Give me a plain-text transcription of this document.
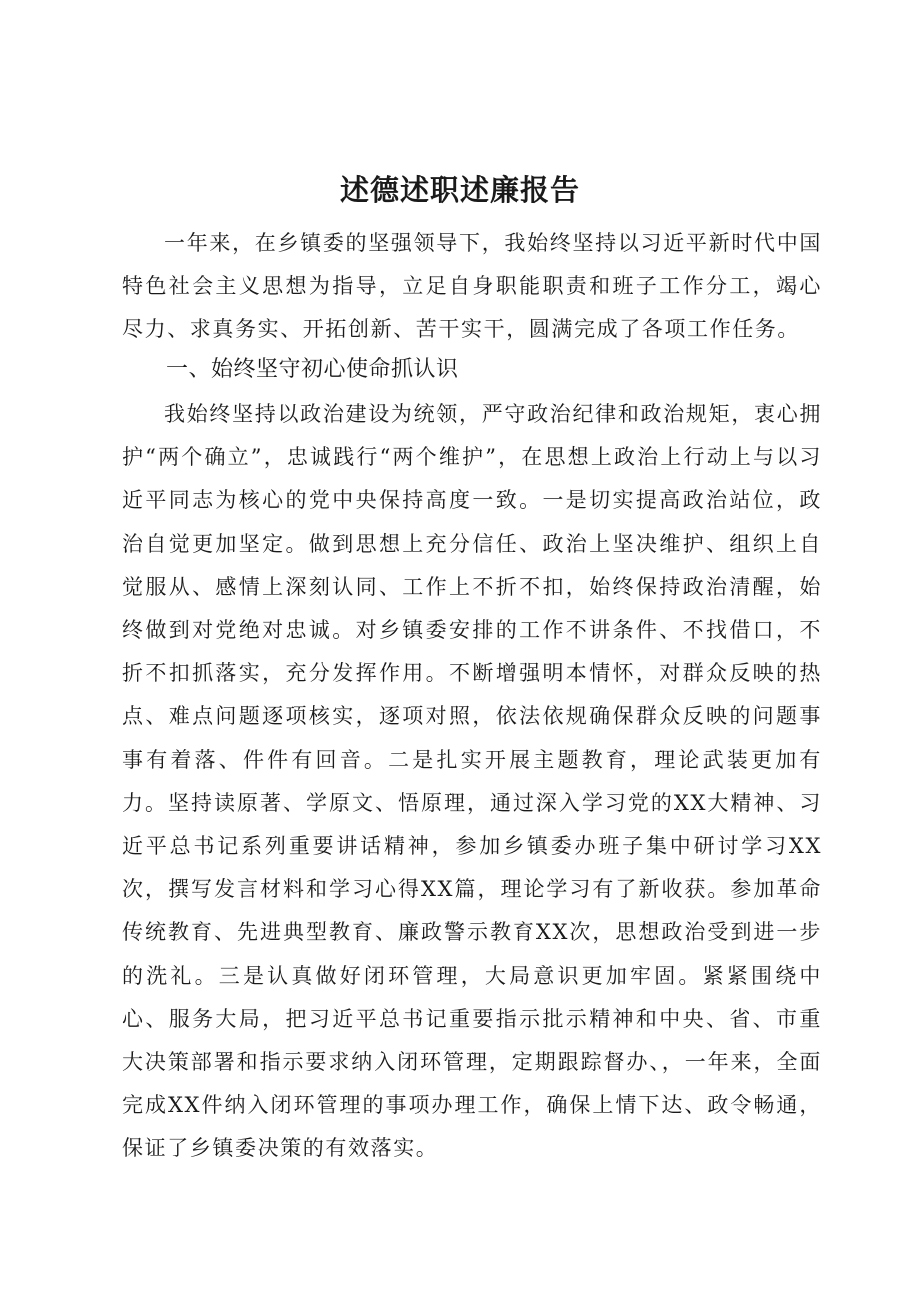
述德述职述廉报告

一年来，在乡镇委的坚强领导下，我始终坚持以习近平新时代中国特色社会主义思想为指导，立足自身职能职责和班子工作分工，竭心尽力、求真务实、开拓创新、苦干实干，圆满完成了各项工作任务。

一、始终坚守初心使命抓认识

我始终坚持以政治建设为统领，严守政治纪律和政治规矩，衷心拥护“两个确立”，忠诚践行“两个维护”，在思想上政治上行动上与以习近平同志为核心的党中央保持高度一致。一是切实提高政治站位，政治自觉更加坚定。做到思想上充分信任、政治上坚决维护、组织上自觉服从、感情上深刻认同、工作上不折不扣，始终保持政治清醒，始终做到对党绝对忠诚。对乡镇委安排的工作不讲条件、不找借口，不折不扣抓落实，充分发挥作用。不断增强明本情怀，对群众反映的热点、难点问题逐项核实，逐项对照，依法依规确保群众反映的问题事事有着落、件件有回音。二是扎实开展主题教育，理论武装更加有力。坚持读原著、学原文、悟原理，通过深入学习党的XX大精神、习近平总书记系列重要讲话精神，参加乡镇委办班子集中研讨学习XX次，撰写发言材料和学习心得XX篇，理论学习有了新收获。参加革命传统教育、先进典型教育、廉政警示教育XX次，思想政治受到进一步的洗礼。三是认真做好闭环管理，大局意识更加牢固。紧紧围绕中心、服务大局，把习近平总书记重要指示批示精神和中央、省、市重大决策部署和指示要求纳入闭环管理，定期跟踪督办、，一年来，全面完成XX件纳入闭环管理的事项办理工作，确保上情下达、政令畅通，保证了乡镇委决策的有效落实。
